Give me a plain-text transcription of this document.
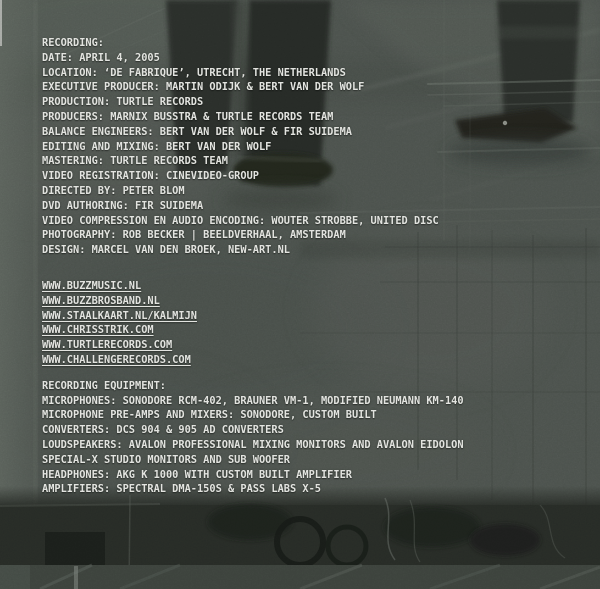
RECORDING:
DATE: APRIL 4, 2005
LOCATION: ‘DE FABRIQUE’, UTRECHT, THE NETHERLANDS
EXECUTIVE PRODUCER: MARTIN ODIJK & BERT VAN DER WOLF
PRODUCTION: TURTLE RECORDS
PRODUCERS: MARNIX BUSSTRA & TURTLE RECORDS TEAM
BALANCE ENGINEERS: BERT VAN DER WOLF & FIR SUIDEMA
EDITING AND MIXING: BERT VAN DER WOLF
MASTERING: TURTLE RECORDS TEAM
VIDEO REGISTRATION: CINEVIDEO-GROUP
DIRECTED BY: PETER BLOM
DVD AUTHORING: FIR SUIDEMA
VIDEO COMPRESSION EN AUDIO ENCODING: WOUTER STROBBE, UNITED DISC
PHOTOGRAPHY: ROB BECKER | BEELDVERHAAL, AMSTERDAM
DESIGN: MARCEL VAN DEN BROEK, NEW-ART.NL
WWW.BUZZMUSIC.NL
WWW.BUZZBROSBAND.NL
WWW.STAALKAART.NL/KALMIJN
WWW.CHRISSTRIK.COM
WWW.TURTLERECORDS.COM
WWW.CHALLENGERECORDS.COM
RECORDING EQUIPMENT:
MICROPHONES: SONODORE RCM-402, BRAUNER VM-1, MODIFIED NEUMANN KM-140
MICROPHONE PRE-AMPS AND MIXERS: SONODORE, CUSTOM BUILT
CONVERTERS: DCS 904 & 905 AD CONVERTERS
LOUDSPEAKERS: AVALON PROFESSIONAL MIXING MONITORS AND AVALON EIDOLON
SPECIAL-X STUDIO MONITORS AND SUB WOOFER
HEADPHONES: AKG K 1000 WITH CUSTOM BUILT AMPLIFIER
AMPLIFIERS: SPECTRAL DMA-150S & PASS LABS X-5
